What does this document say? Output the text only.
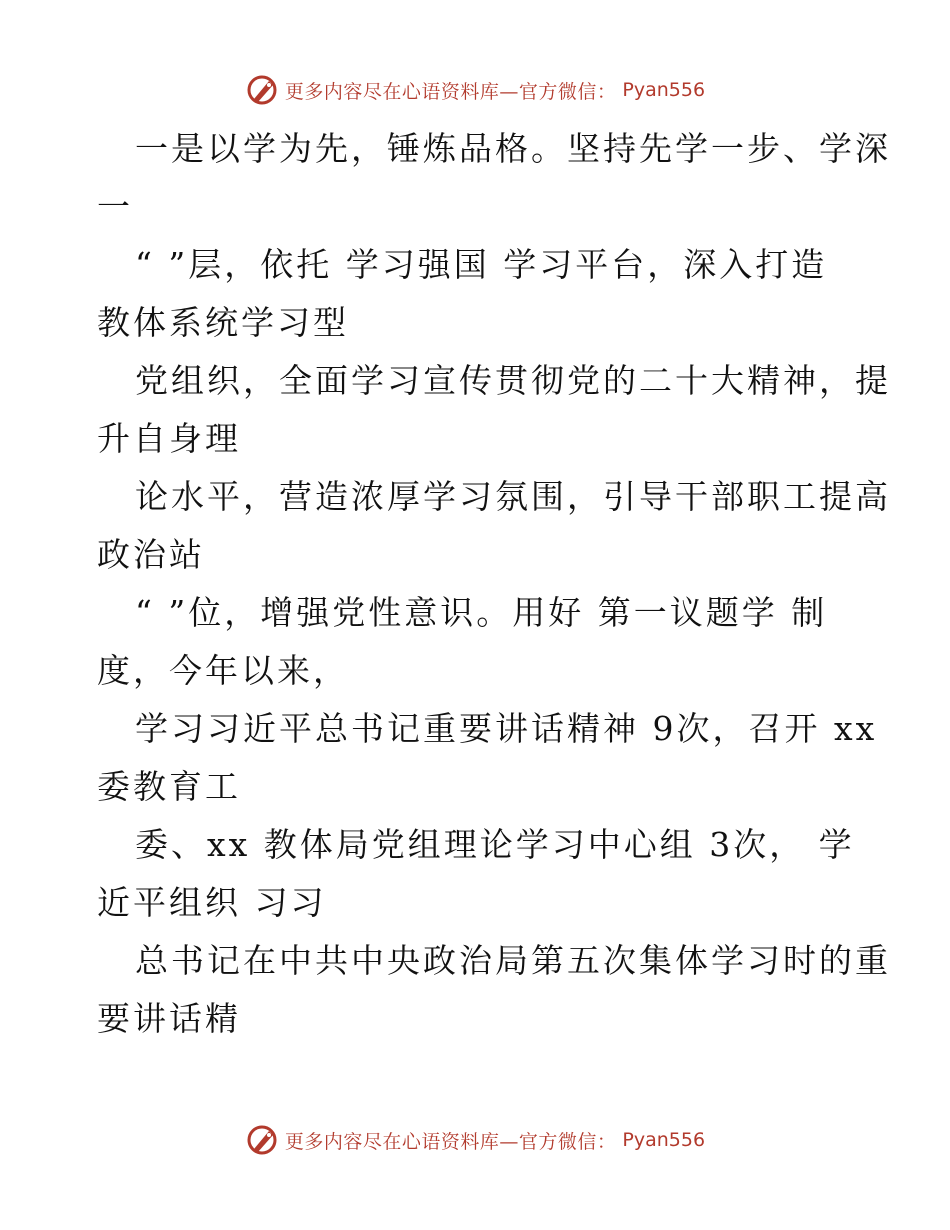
更多内容尽在心语资料库—官方微信： Pyan556
一是以学为先，锤炼品格。坚持先学一步、学深
一
“ ”层，依托 学习强国 学习平台，深入打造
教体系统学习型
党组织，全面学习宣传贯彻党的二十大精神，提
升自身理
论水平，营造浓厚学习氛围，引导干部职工提高
政治站
“ ”位，增强党性意识。用好 第一议题学 制
度，今年以来，
学习习近平总书记重要讲话精神 9次，召开 xx
委教育工
委、xx 教体局党组理论学习中心组 3次， 学
近平组织 习习
总书记在中共中央政治局第五次集体学习时的重
要讲话精
更多内容尽在心语资料库—官方微信： Pyan556
